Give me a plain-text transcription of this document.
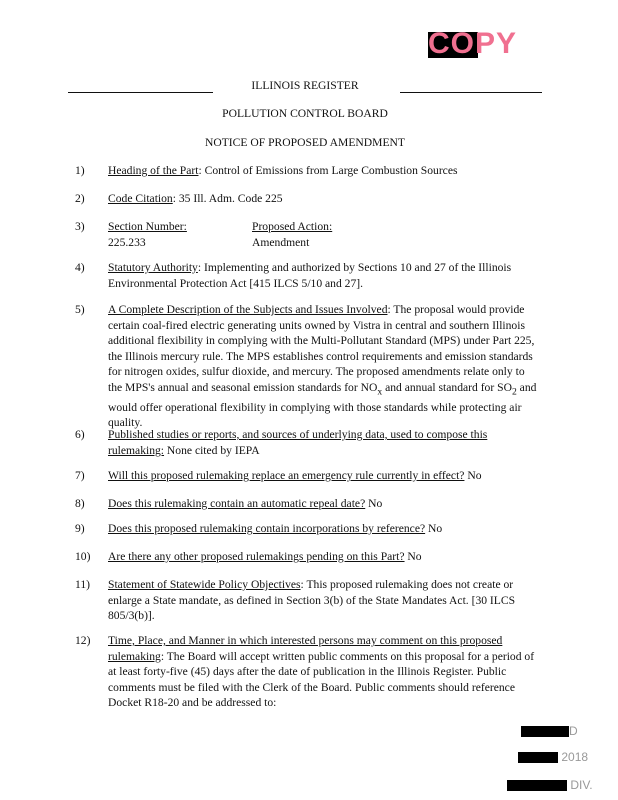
COPY
ILLINOIS REGISTER
POLLUTION CONTROL BOARD
NOTICE OF PROPOSED AMENDMENT
1) Heading of the Part: Control of Emissions from Large Combustion Sources
2) Code Citation: 35 Ill. Adm. Code 225
3) Section Number:
225.233
Proposed Action:
Amendment
4) Statutory Authority: Implementing and authorized by Sections 10 and 27 of the Illinois Environmental Protection Act [415 ILCS 5/10 and 27].
5) A Complete Description of the Subjects and Issues Involved: The proposal would provide certain coal-fired electric generating units owned by Vistra in central and southern Illinois additional flexibility in complying with the Multi-Pollutant Standard (MPS) under Part 225, the Illinois mercury rule. The MPS establishes control requirements and emission standards for nitrogen oxides, sulfur dioxide, and mercury. The proposed amendments relate only to the MPS's annual and seasonal emission standards for $NO_x$ and annual standard for $SO_2$ and would offer operational flexibility in complying with those standards while protecting air quality.
6) Published studies or reports, and sources of underlying data, used to compose this rulemaking: None cited by IEPA
7) Will this proposed rulemaking replace an emergency rule currently in effect? No
8) Does this rulemaking contain an automatic repeal date? No
9) Does this proposed rulemaking contain incorporations by reference? No
10) Are there any other proposed rulemakings pending on this Part? No
11) Statement of Statewide Policy Objectives: This proposed rulemaking does not create or enlarge a State mandate, as defined in Section 3(b) of the State Mandates Act. [30 ILCS 805/3(b)].
12) Time, Place, and Manner in which interested persons may comment on this proposed rulemaking: The Board will accept written public comments on this proposal for a period of at least forty-five (45) days after the date of publication in the Illinois Register. Public comments must be filed with the Clerk of the Board. Public comments should reference Docket R18-20 and be addressed to:
D
2018
DIV.
